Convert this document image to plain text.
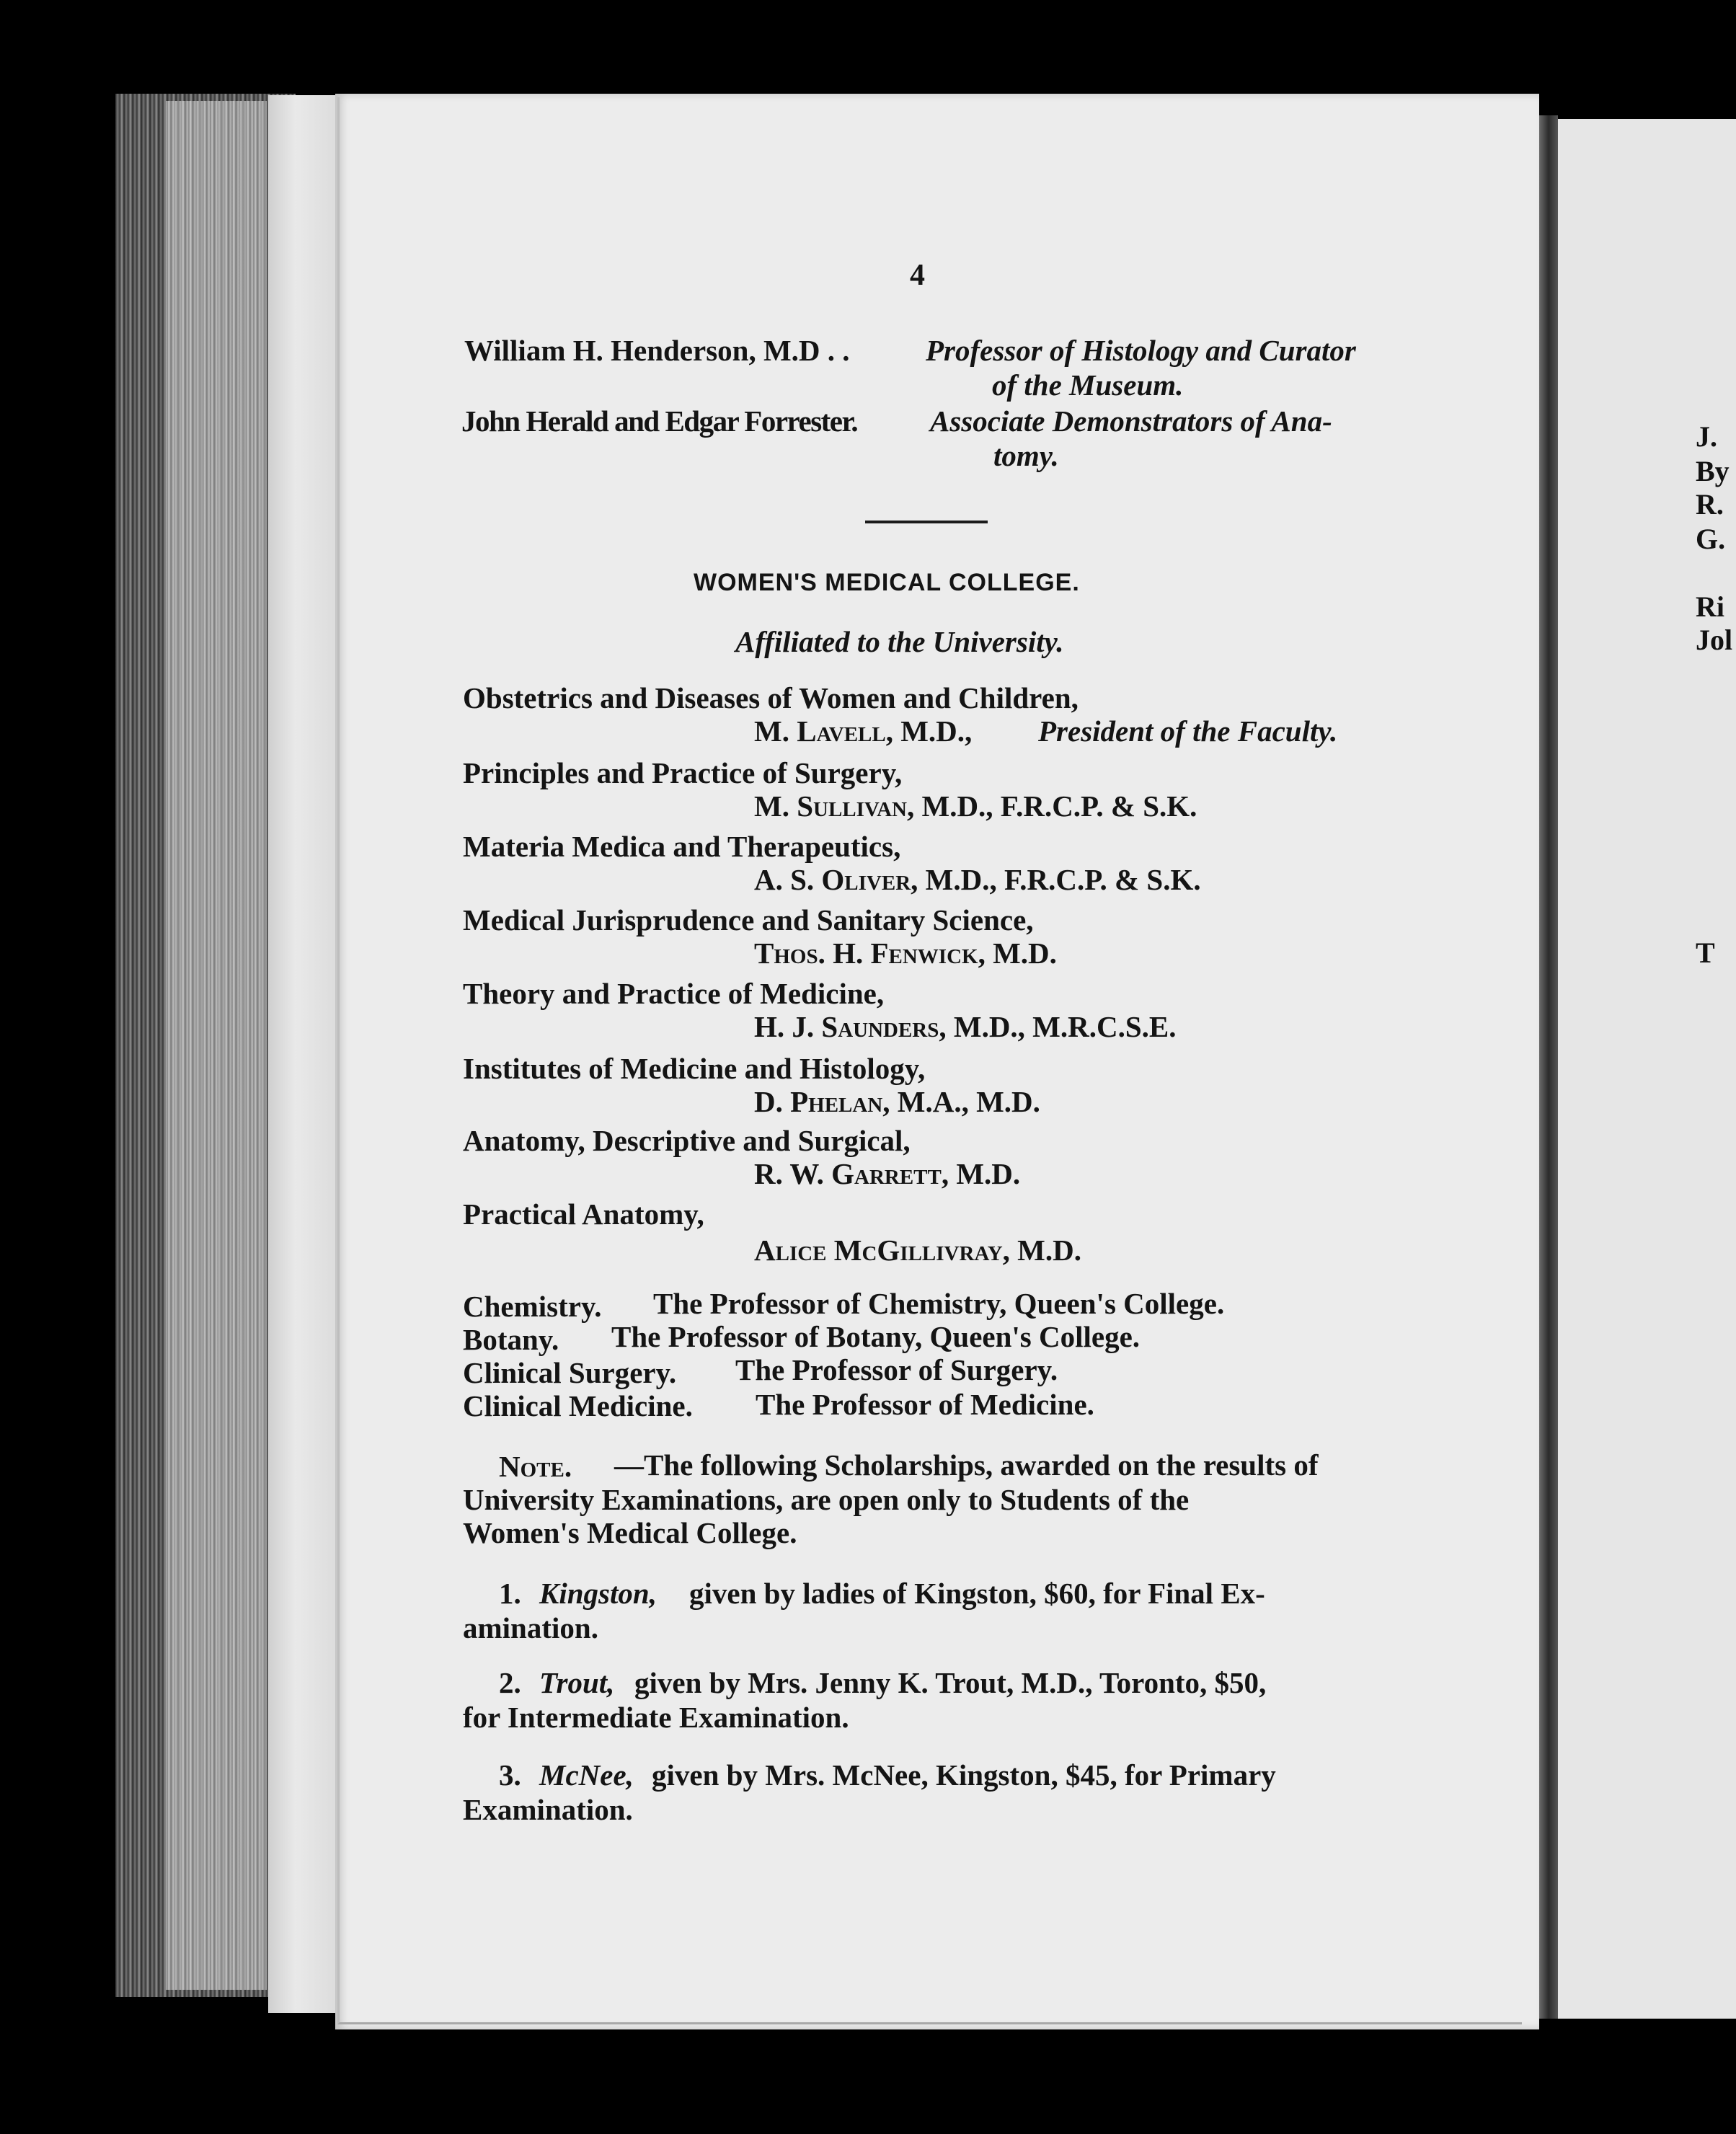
J.
By
R.
G.
Ri
Jol
T
4
William H. Henderson, M.D . .	Professor of Histology and Curator
of the Museum.
John Herald and Edgar Forrester. Associate Demonstrators of Ana-
tomy.
WOMEN'S MEDICAL COLLEGE.
Affiliated to the University.
Obstetrics and Diseases of Women and Children,
M. Lavell, M.D., President of the Faculty.
Principles and Practice of Surgery,
M. Sullivan, M.D., F.R.C.P. & S.K.
Materia Medica and Therapeutics,
A. S. Oliver, M.D., F.R.C.P. & S.K.
Medical Jurisprudence and Sanitary Science,
Thos. H. Fenwick, M.D.
Theory and Practice of Medicine,
H. J. Saunders, M.D., M.R.C.S.E.
Institutes of Medicine and Histology,
D. Phelan, M.A., M.D.
Anatomy, Descriptive and Surgical,
R. W. Garrett, M.D.
Practical Anatomy,
Alice McGillivray, M.D.
Chemistry. The Professor of Chemistry, Queen's College.
Botany. The Professor of Botany, Queen's College.
Clinical Surgery. The Professor of Surgery.
Clinical Medicine. The Professor of Medicine.
Note. —The following Scholarships, awarded on the results of
University Examinations, are open only to Students of the
Women's Medical College.
1. Kingston, given by ladies of Kingston, $60, for Final Ex-
amination.
2. Trout, given by Mrs. Jenny K. Trout, M.D., Toronto, $50,
for Intermediate Examination.
3. McNee, given by Mrs. McNee, Kingston, $45, for Primary
Examination.
